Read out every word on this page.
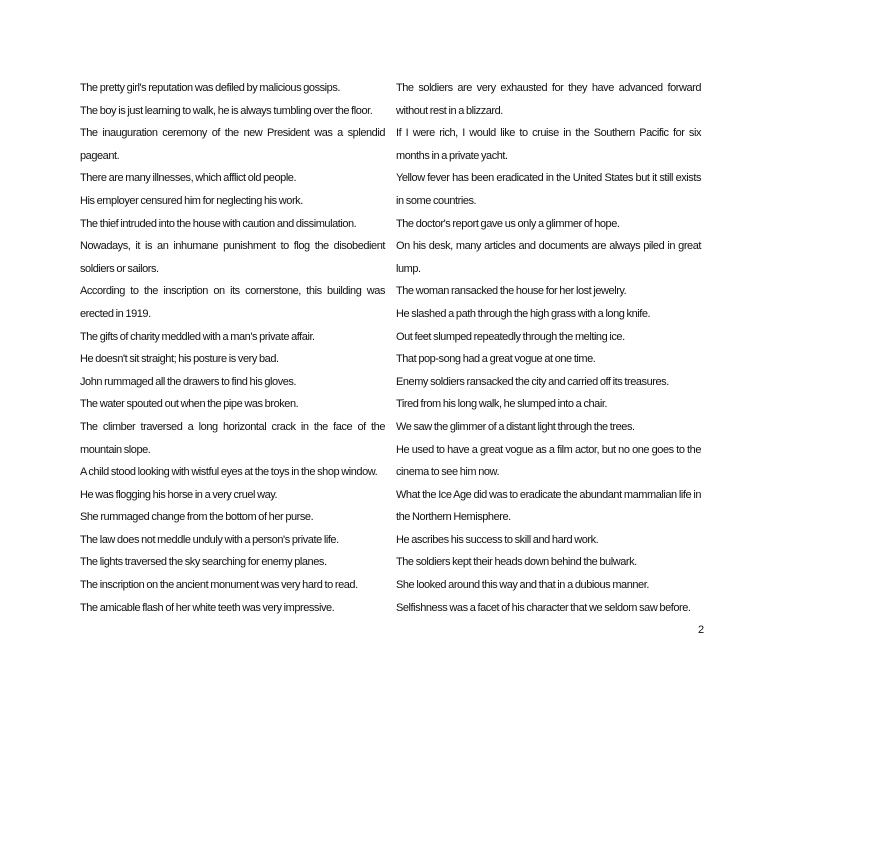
The pretty girl's reputation was defiled by malicious gossips.

The boy is just learning to walk, he is always tumbling over the floor.

The inauguration ceremony of the new President was a splendid pageant.

There are many illnesses, which afflict old people.

His employer censured him for neglecting his work.

The thief intruded into the house with caution and dissimulation.

Nowadays, it is an inhumane punishment to flog the disobedient soldiers or sailors.

According to the inscription on its cornerstone, this building was erected in 1919.

The gifts of charity meddled with a man's private affair.

He doesn't sit straight; his posture is very bad.

John rummaged all the drawers to find his gloves.

The water spouted out when the pipe was broken.

The climber traversed a long horizontal crack in the face of the mountain slope.

A child stood looking with wistful eyes at the toys in the shop window.

He was flogging his horse in a very cruel way.

She rummaged change from the bottom of her purse.

The law does not meddle unduly with a person's private life.

The lights traversed the sky searching for enemy planes.

The inscription on the ancient monument was very hard to read.

The amicable flash of her white teeth was very impressive.

The soldiers are very exhausted for they have advanced forward without rest in a blizzard.

If I were rich, I would like to cruise in the Southern Pacific for six months in a private yacht.

Yellow fever has been eradicated in the United States but it still exists in some countries.

The doctor's report gave us only a glimmer of hope.

On his desk, many articles and documents are always piled in great lump.

The woman ransacked the house for her lost jewelry.

He slashed a path through the high grass with a long knife.

Out feet slumped repeatedly through the melting ice.

That pop-song had a great vogue at one time.

Enemy soldiers ransacked the city and carried off its treasures.

Tired from his long walk, he slumped into a chair.

We saw the glimmer of a distant light through the trees.

He used to have a great vogue as a film actor, but no one goes to the cinema to see him now.

What the Ice Age did was to eradicate the abundant mammalian life in the Northern Hemisphere.

He ascribes his success to skill and hard work.

The soldiers kept their heads down behind the bulwark.

She looked around this way and that in a dubious manner.

Selfishness was a facet of his character that we seldom saw before.

2
